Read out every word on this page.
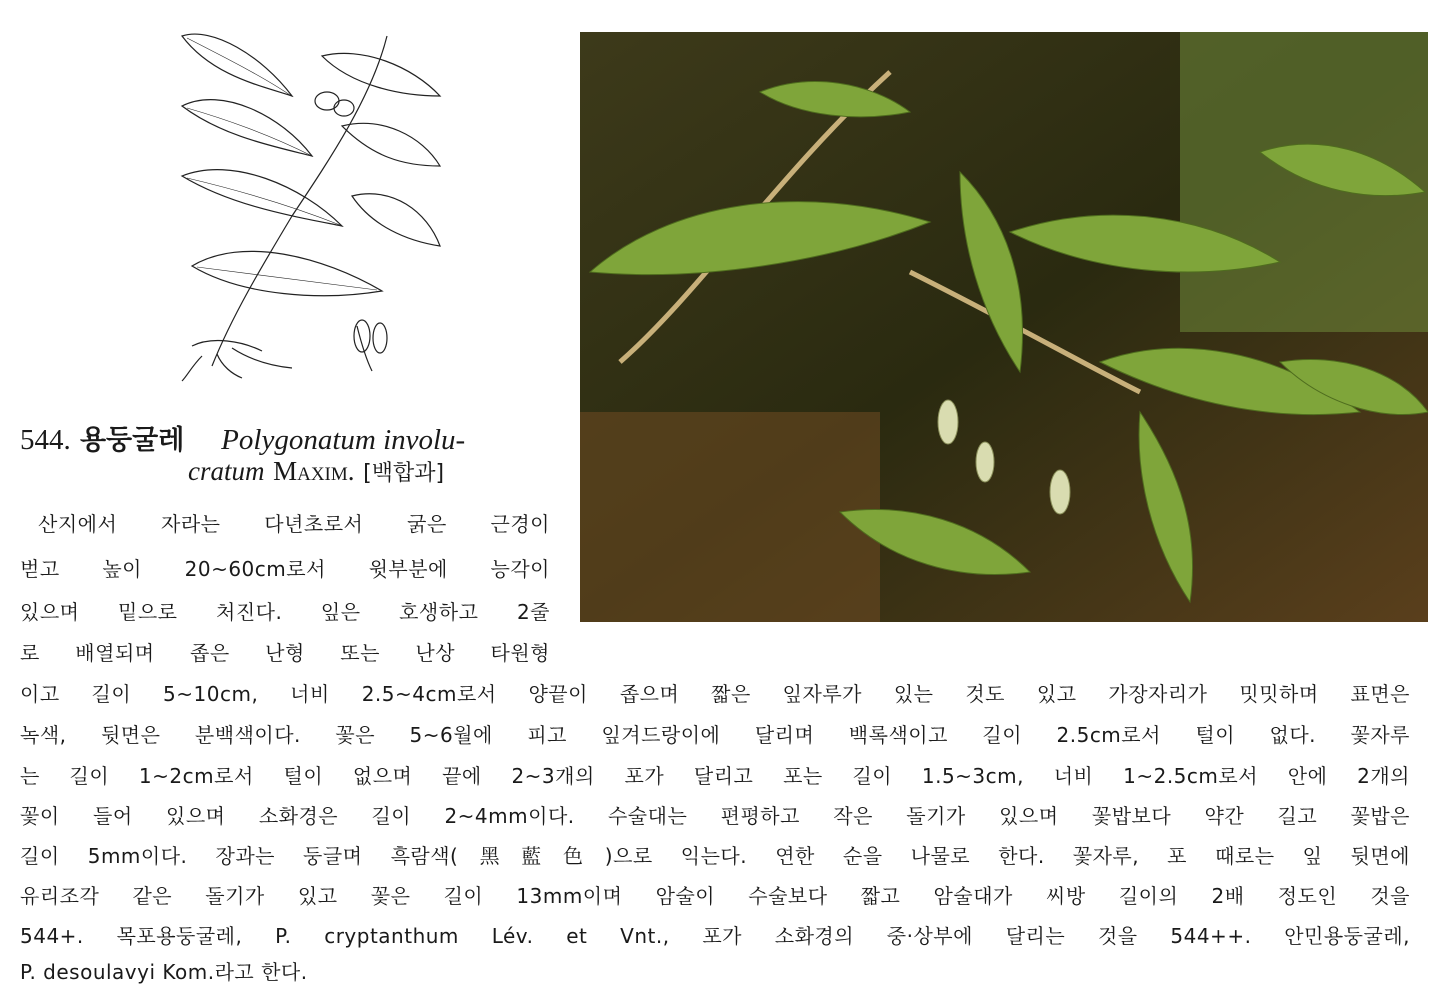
544. 용둥굴레 Polygonatum involu-
cratum Maxim. [백합과]
산지에서 자라는 다년초로서 굵은 근경이
벋고 높이 20~60cm로서 윗부분에 능각이
있으며 밑으로 처진다. 잎은 호생하고 2줄
로 배열되며 좁은 난형 또는 난상 타원형
이고 길이 5~10cm, 너비 2.5~4cm로서 양끝이 좁으며 짧은 잎자루가 있는 것도 있고 가장자리가 밋밋하며 표면은
녹색, 뒷면은 분백색이다. 꽃은 5~6월에 피고 잎겨드랑이에 달리며 백록색이고 길이 2.5cm로서 털이 없다. 꽃자루
는 길이 1~2cm로서 털이 없으며 끝에 2~3개의 포가 달리고 포는 길이 1.5~3cm, 너비 1~2.5cm로서 안에 2개의
꽃이 들어 있으며 소화경은 길이 2~4mm이다. 수술대는 편평하고 작은 돌기가 있으며 꽃밥보다 약간 길고 꽃밥은
길이 5mm이다. 장과는 둥글며 흑람색(黑藍色)으로 익는다. 연한 순을 나물로 한다. 꽃자루, 포 때로는 잎 뒷면에
유리조각 같은 돌기가 있고 꽃은 길이 13mm이며 암술이 수술보다 짧고 암술대가 씨방 길이의 2배 정도인 것을
544+. 목포용둥굴레, P. cryptanthum Lév. et Vnt., 포가 소화경의 중·상부에 달리는 것을 544++. 안민용둥굴레,
P. desoulavyi Kom.라고 한다.
